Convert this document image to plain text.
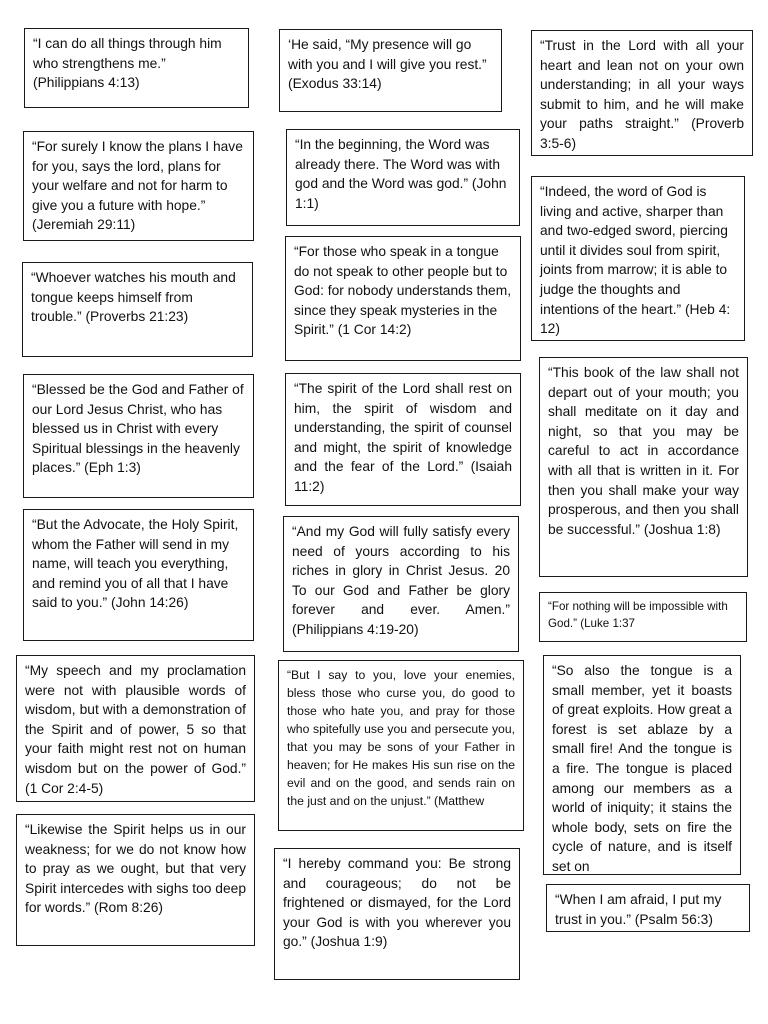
“I can do all things through him who strengthens me.” (Philippians 4:13)
“For surely I know the plans I have for you, says the lord, plans for your welfare and not for harm to give you a future with hope.” (Jeremiah 29:11)
“Whoever watches his mouth and tongue keeps himself from trouble.” (Proverbs 21:23)
“Blessed be the God and Father of our Lord Jesus Christ, who has blessed us in Christ with every Spiritual blessings in the heavenly places.” (Eph 1:3)
“But the Advocate, the Holy Spirit, whom the Father will send in my name, will teach you everything, and remind you of all that I have said to you.” (John 14:26)
“My speech and my proclamation were not with plausible words of wisdom, but with a demonstration of the Spirit and of power, 5 so that your faith might rest not on human wisdom but on the power of God.” (1 Cor 2:4-5)
“Likewise the Spirit helps us in our weakness; for we do not know how to pray as we ought, but that very Spirit intercedes with sighs too deep for words.” (Rom 8:26)
‘He said, “My presence will go with you and I will give you rest.” (Exodus 33:14)
“In the beginning, the Word was already there. The Word was with god and the Word was god.” (John 1:1)
“For those who speak in a tongue do not speak to other people but to God: for nobody understands them, since they speak mysteries in the Spirit.” (1 Cor 14:2)
“The spirit of the Lord shall rest on him, the spirit of wisdom and understanding, the spirit of counsel and might, the spirit of knowledge and the fear of the Lord.” (Isaiah 11:2)
“And my God will fully satisfy every need of yours according to his riches in glory in Christ Jesus. 20 To our God and Father be glory forever and ever. Amen.” (Philippians 4:19-20)
“But I say to you, love your enemies, bless those who curse you, do good to those who hate you, and pray for those who spitefully use you and persecute you, that you may be sons of your Father in heaven; for He makes His sun rise on the evil and on the good, and sends rain on the just and on the unjust.” (Matthew
“I hereby command you: Be strong and courageous; do not be frightened or dismayed, for the Lord your God is with you wherever you go.” (Joshua 1:9)
“Trust in the Lord with all your heart and lean not on your own understanding; in all your ways submit to him, and he will make your paths straight.” (Proverb 3:5-6)
“Indeed, the word of God is living and active, sharper than and two-edged sword, piercing until it divides soul from spirit, joints from marrow; it is able to judge the thoughts and intentions of the heart.” (Heb 4: 12)
“This book of the law shall not depart out of your mouth; you shall meditate on it day and night, so that you may be careful to act in accordance with all that is written in it. For then you shall make your way prosperous, and then you shall be successful.” (Joshua 1:8)
“For nothing will be impossible with God.” (Luke 1:37
“So also the tongue is a small member, yet it boasts of great exploits. How great a forest is set ablaze by a small fire! And the tongue is a fire. The tongue is placed among our members as a world of iniquity; it stains the whole body, sets on fire the cycle of nature, and is itself set on
“When I am afraid, I put my trust in you.” (Psalm 56:3)
